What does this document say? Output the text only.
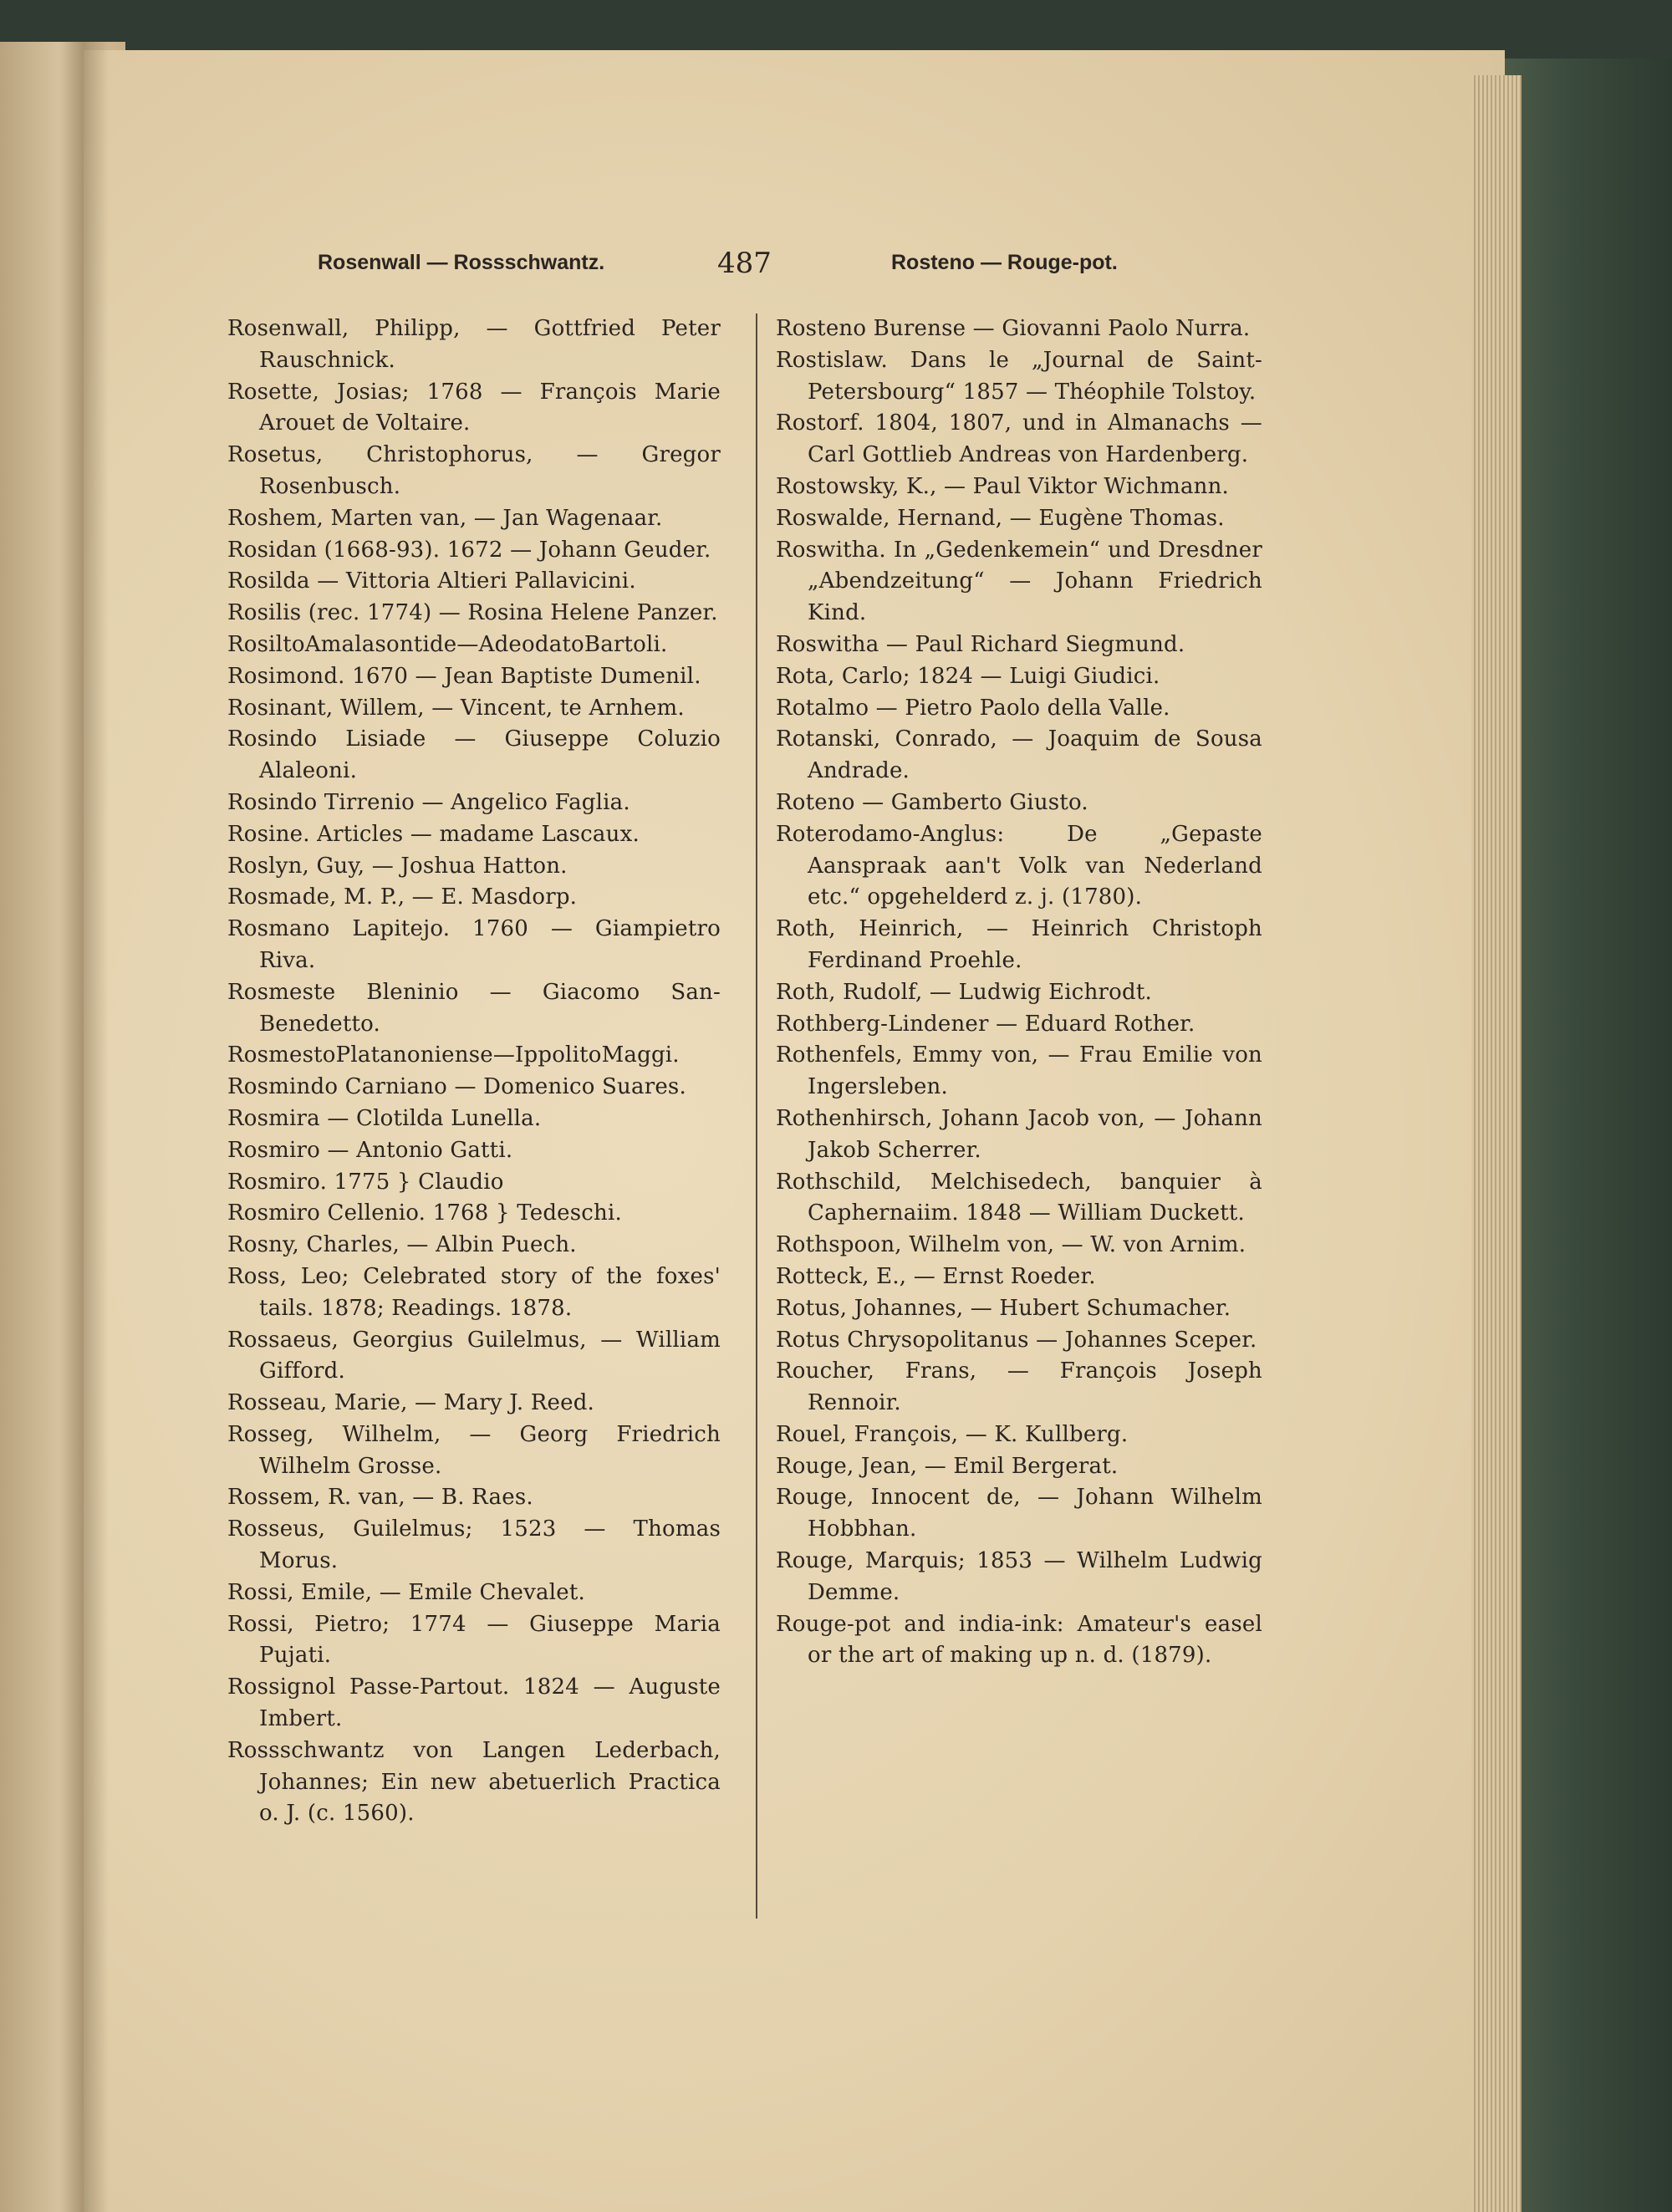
Rosenwall — Rossschwantz.	487	Rosteno — Rouge-pot.
Rosenwall, Philipp, — Gottfried Peter Rauschnick.
Rosette, Josias; 1768 — François Marie Arouet de Voltaire.
Rosetus, Christophorus, — Gregor Rosenbusch.
Roshem, Marten van, — Jan Wagenaar.
Rosidan (1668-93). 1672 — Johann Geuder.
Rosilda — Vittoria Altieri Pallavicini.
Rosilis (rec. 1774) — Rosina Helene Panzer.
RosiltoAmalasontide—AdeodatoBartoli.
Rosimond. 1670 — Jean Baptiste Dumenil.
Rosinant, Willem, — Vincent, te Arnhem.
Rosindo Lisiade — Giuseppe Coluzio Alaleoni.
Rosindo Tirrenio — Angelico Faglia.
Rosine. Articles — madame Lascaux.
Roslyn, Guy, — Joshua Hatton.
Rosmade, M. P., — E. Masdorp.
Rosmano Lapitejo. 1760 — Giampietro Riva.
Rosmeste Bleninio — Giacomo San-Benedetto.
RosmestoPlatanoniense—IppolitoMaggi.
Rosmindo Carniano — Domenico Suares.
Rosmira — Clotilda Lunella.
Rosmiro — Antonio Gatti.
Rosmiro. 1775 } Claudio
Rosmiro Cellenio. 1768 } Tedeschi.
Rosny, Charles, — Albin Puech.
Ross, Leo; Celebrated story of the foxes' tails. 1878; Readings. 1878.
Rossaeus, Georgius Guilelmus, — William Gifford.
Rosseau, Marie, — Mary J. Reed.
Rosseg, Wilhelm, — Georg Friedrich Wilhelm Grosse.
Rossem, R. van, — B. Raes.
Rosseus, Guilelmus; 1523 — Thomas Morus.
Rossi, Emile, — Emile Chevalet.
Rossi, Pietro; 1774 — Giuseppe Maria Pujati.
Rossignol Passe-Partout. 1824 — Auguste Imbert.
Rossschwantz von Langen Lederbach, Johannes; Ein new abetuerlich Practica o. J. (c. 1560).
Rosteno Burense — Giovanni Paolo Nurra.
Rostislaw. Dans le „Journal de Saint-Petersbourg“ 1857 — Théophile Tolstoy.
Rostorf. 1804, 1807, und in Almanachs — Carl Gottlieb Andreas von Hardenberg.
Rostowsky, K., — Paul Viktor Wichmann.
Roswalde, Hernand, — Eugène Thomas.
Roswitha. In „Gedenkemein“ und Dresdner „Abendzeitung“ — Johann Friedrich Kind.
Roswitha — Paul Richard Siegmund.
Rota, Carlo; 1824 — Luigi Giudici.
Rotalmo — Pietro Paolo della Valle.
Rotanski, Conrado, — Joaquim de Sousa Andrade.
Roteno — Gamberto Giusto.
Roterodamo-Anglus: De „Gepaste Aanspraak aan't Volk van Nederland etc.“ opgehelderd z. j. (1780).
Roth, Heinrich, — Heinrich Christoph Ferdinand Proehle.
Roth, Rudolf, — Ludwig Eichrodt.
Rothberg-Lindener — Eduard Rother.
Rothenfels, Emmy von, — Frau Emilie von Ingersleben.
Rothenhirsch, Johann Jacob von, — Johann Jakob Scherrer.
Rothschild, Melchisedech, banquier à Caphernaiim. 1848 — William Duckett.
Rothspoon, Wilhelm von, — W. von Arnim.
Rotteck, E., — Ernst Roeder.
Rotus, Johannes, — Hubert Schumacher.
Rotus Chrysopolitanus — Johannes Sceper.
Roucher, Frans, — François Joseph Rennoir.
Rouel, François, — K. Kullberg.
Rouge, Jean, — Emil Bergerat.
Rouge, Innocent de, — Johann Wilhelm Hobbhan.
Rouge, Marquis; 1853 — Wilhelm Ludwig Demme.
Rouge-pot and india-ink: Amateur's easel or the art of making up n. d. (1879).
